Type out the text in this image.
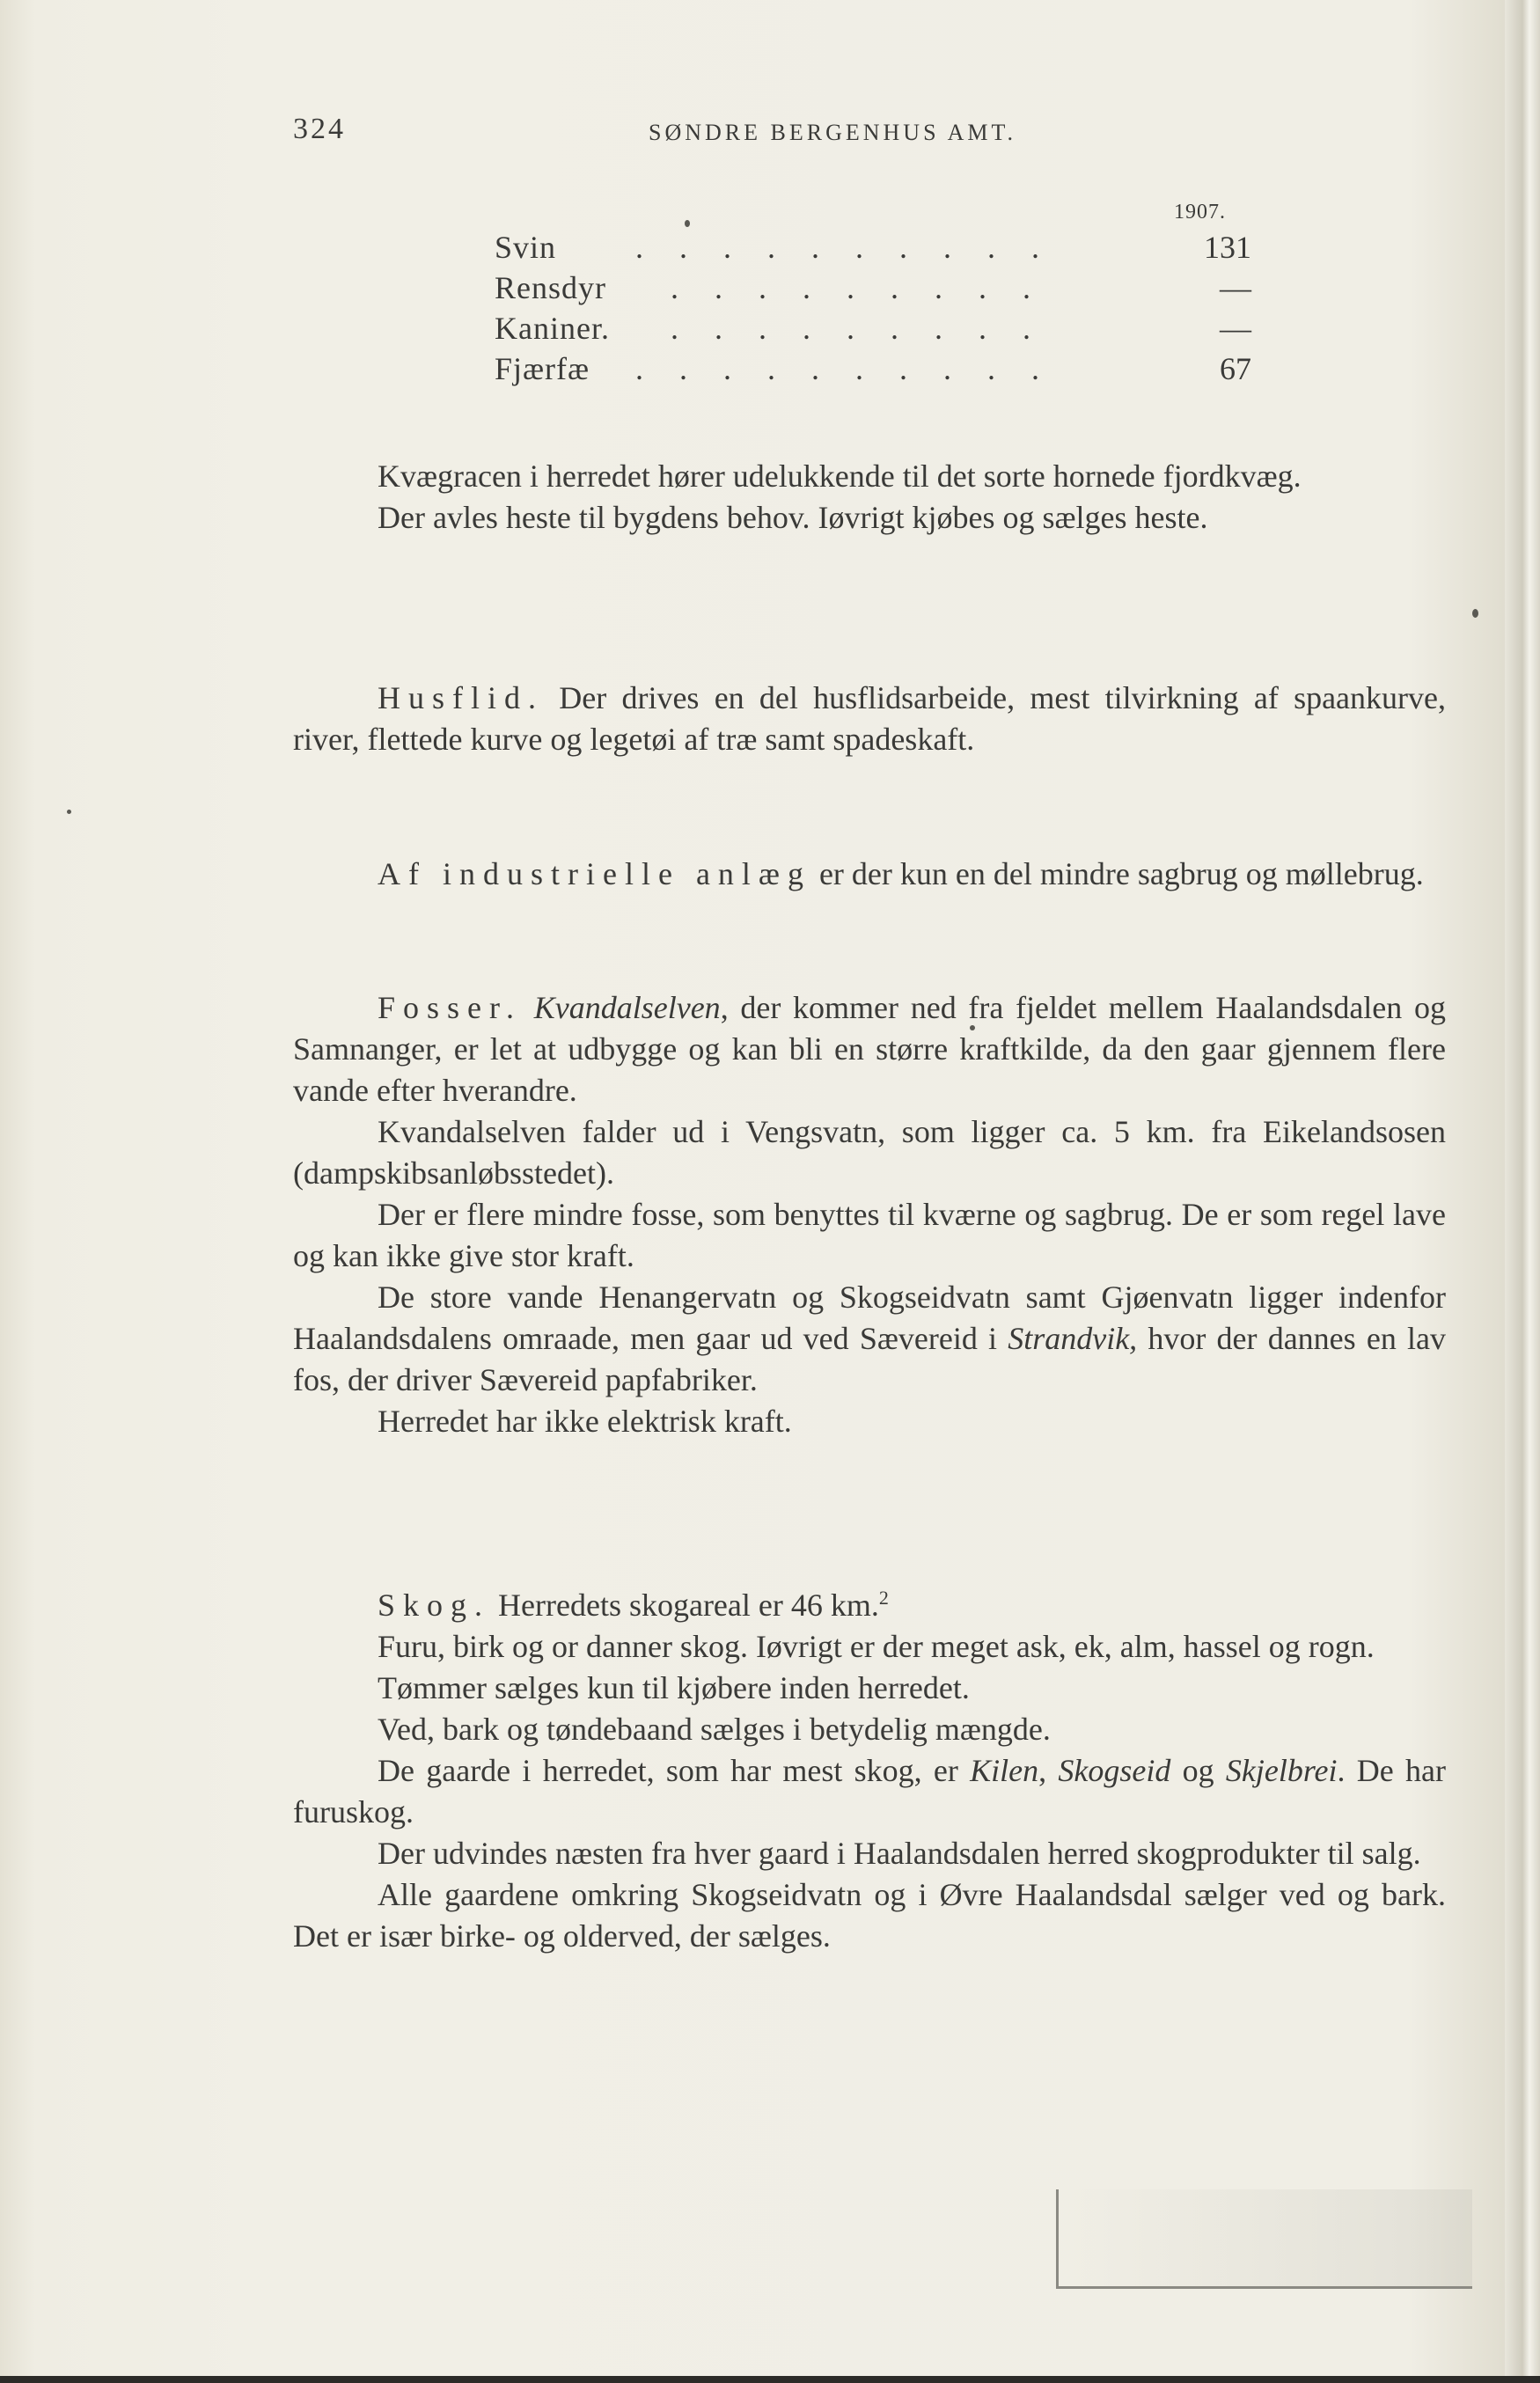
324	SØNDRE BERGENHUS AMT.
1907.
Svin . . . . . . . . . .	131
Rensdyr . . . . . . . . .	—
Kaniner. . . . . . . . . .	—
Fjærfæ . . . . . . . . . .	67

Kvægracen i herredet hører udelukkende til det sorte hornede fjordkvæg.

Der avles heste til bygdens behov. Iøvrigt kjøbes og sælges heste.

Husflid. Der drives en del husflidsarbeide, mest tilvirkning af spaankurve, river, flettede kurve og legetøi af træ samt spadeskaft.

Af industrielle anlæg er der kun en del mindre sagbrug og møllebrug.

Fosser. Kvandalselven, der kommer ned fra fjeldet mellem Haalandsdalen og Samnanger, er let at udbygge og kan bli en større kraftkilde, da den gaar gjennem flere vande efter hverandre.

Kvandalselven falder ud i Vengsvatn, som ligger ca. 5 km. fra Eikelandsosen (dampskibsanløbsstedet).

Der er flere mindre fosse, som benyttes til kværne og sagbrug. De er som regel lave og kan ikke give stor kraft.

De store vande Henangervatn og Skogseidvatn samt Gjøenvatn ligger indenfor Haalandsdalens omraade, men gaar ud ved Sævereid i Strandvik, hvor der dannes en lav fos, der driver Sævereid papfabriker.

Herredet har ikke elektrisk kraft.

Skog. Herredets skogareal er 46 km.$^2$

Furu, birk og or danner skog. Iøvrigt er der meget ask, ek, alm, hassel og rogn.

Tømmer sælges kun til kjøbere inden herredet.

Ved, bark og tøndebaand sælges i betydelig mængde.

De gaarde i herredet, som har mest skog, er Kilen, Skogseid og Skjelbrei. De har furuskog.

Der udvindes næsten fra hver gaard i Haalandsdalen herred skogprodukter til salg.

Alle gaardene omkring Skogseidvatn og i Øvre Haalandsdal sælger ved og bark. Det er især birke- og olderved, der sælges.
